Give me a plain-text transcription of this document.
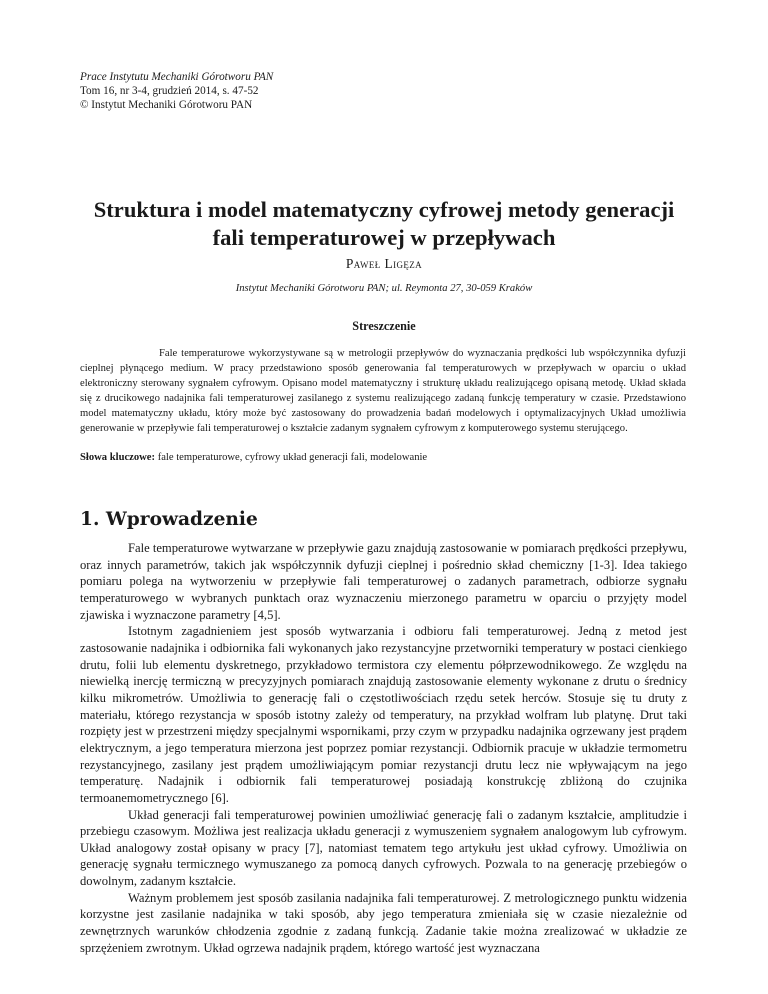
Prace Instytutu Mechaniki Górotworu PAN
Tom 16, nr 3-4, grudzień 2014, s. 47-52
© Instytut Mechaniki Górotworu PAN
Struktura i model matematyczny cyfrowej metody generacji
fali temperaturowej w przepływach
Paweł Ligęza
Instytut Mechaniki Górotworu PAN; ul. Reymonta 27, 30-059 Kraków
Streszczenie

Fale temperaturowe wykorzystywane są w metrologii przepływów do wyznaczania prędkości lub współczynnika dyfuzji cieplnej płynącego medium. W pracy przedstawiono sposób generowania fal temperaturowych w przepływach w oparciu o układ elektroniczny sterowany sygnałem cyfrowym. Opisano model matematyczny i strukturę układu realizującego opisaną metodę. Układ składa się z drucikowego nadajnika fali temperaturowej zasilanego z systemu realizującego zadaną funkcję temperatury w czasie. Przedstawiono model matematyczny układu, który może być zastosowany do prowadzenia badań modelowych i optymalizacyjnych Układ umożliwia generowanie w przepływie fali temperaturowej o kształcie zadanym sygnałem cyfrowym z komputerowego systemu sterującego.

Słowa kluczowe: fale temperaturowe, cyfrowy układ generacji fali, modelowanie
1. Wprowadzenie

Fale temperaturowe wytwarzane w przepływie gazu znajdują zastosowanie w pomiarach prędkości przepływu, oraz innych parametrów, takich jak współczynnik dyfuzji cieplnej i pośrednio skład chemiczny [1-3]. Idea takiego pomiaru polega na wytworzeniu w przepływie fali temperaturowej o zadanych parametrach, odbiorze sygnału temperaturowego w wybranych punktach oraz wyznaczeniu mierzonego parametru w oparciu o przyjęty model zjawiska i wyznaczone parametry [4,5].

Istotnym zagadnieniem jest sposób wytwarzania i odbioru fali temperaturowej. Jedną z metod jest zastosowanie nadajnika i odbiornika fali wykonanych jako rezystancyjne przetworniki temperatury w postaci cienkiego drutu, folii lub elementu dyskretnego, przykładowo termistora czy elementu półprzewodnikowego. Ze względu na niewielką inercję termiczną w precyzyjnych pomiarach znajdują zastosowanie elementy wykonane z drutu o średnicy kilku mikrometrów. Umożliwia to generację fali o częstotliwościach rzędu setek herców. Stosuje się tu druty z materiału, którego rezystancja w sposób istotny zależy od temperatury, na przykład wolfram lub platynę. Drut taki rozpięty jest w przestrzeni między specjalnymi wspornikami, przy czym w przypadku nadajnika ogrzewany jest prądem elektrycznym, a jego temperatura mierzona jest poprzez pomiar rezystancji. Odbiornik pracuje w układzie termometru rezystancyjnego, zasilany jest prądem umożliwiającym pomiar rezystancji drutu lecz nie wpływającym na jego temperaturę. Nadajnik i odbiornik fali temperaturowej posiadają konstrukcję zbliżoną do czujnika termoanemometrycznego [6].

Układ generacji fali temperaturowej powinien umożliwiać generację fali o zadanym kształcie, amplitudzie i przebiegu czasowym. Możliwa jest realizacja układu generacji z wymuszeniem sygnałem analogowym lub cyfrowym. Układ analogowy został opisany w pracy [7], natomiast tematem tego artykułu jest układ cyfrowy. Umożliwia on generację sygnału termicznego wymuszanego za pomocą danych cyfrowych. Pozwala to na generację przebiegów o dowolnym, zadanym kształcie.

Ważnym problemem jest sposób zasilania nadajnika fali temperaturowej. Z metrologicznego punktu widzenia korzystne jest zasilanie nadajnika w taki sposób, aby jego temperatura zmieniała się w czasie niezależnie od zewnętrznych warunków chłodzenia zgodnie z zadaną funkcją. Zadanie takie można zrealizować w układzie ze sprzężeniem zwrotnym. Układ ogrzewa nadajnik prądem, którego wartość jest wyznaczana
